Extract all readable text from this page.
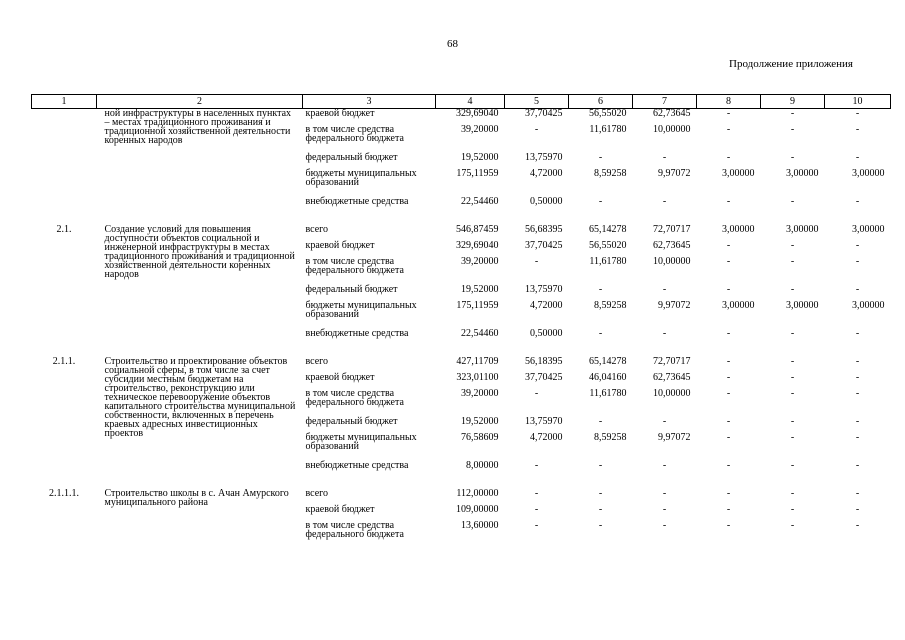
68
Продолжение приложения
1	2	3	4	5	6	7	8	9	10
	ной инфраструктуры в населенных пунктах – местах традиционного проживания и традиционной хозяйственной деятельности коренных народов	краевой бюджет	329,69040	37,70425	56,55020	62,73645	-	-	-
		в том числе средства федерального бюджета	39,20000	-	11,61780	10,00000	-	-	-
		федеральный бюджет	19,52000	13,75970	-	-	-	-	-
		бюджеты муниципальных образований	175,11959	4,72000	8,59258	9,97072	3,00000	3,00000	3,00000
		внебюджетные средства	22,54460	0,50000	-	-	-	-	-
2.1.	Создание условий для повышения доступности объектов социальной и инженерной инфраструктуры в местах традиционного проживания и традиционной хозяйственной деятельности коренных народов	всего	546,87459	56,68395	65,14278	72,70717	3,00000	3,00000	3,00000
		краевой бюджет	329,69040	37,70425	56,55020	62,73645	-	-	-
		в том числе средства федерального бюджета	39,20000	-	11,61780	10,00000	-	-	-
		федеральный бюджет	19,52000	13,75970	-	-	-	-	-
		бюджеты муниципальных образований	175,11959	4,72000	8,59258	9,97072	3,00000	3,00000	3,00000
		внебюджетные средства	22,54460	0,50000	-	-	-	-	-
2.1.1.	Строительство и проектирование объектов социальной сферы, в том числе за счет субсидии местным бюджетам на строительство, реконструкцию или техническое перевооружение объектов капитального строительства муниципальной собственности, включенных в перечень краевых адресных инвестиционных проектов	всего	427,11709	56,18395	65,14278	72,70717	-	-	-
		краевой бюджет	323,01100	37,70425	46,04160	62,73645	-	-	-
		в том числе средства федерального бюджета	39,20000	-	11,61780	10,00000	-	-	-
		федеральный бюджет	19,52000	13,75970	-	-	-	-	-
		бюджеты муниципальных образований	76,58609	4,72000	8,59258	9,97072	-	-	-
		внебюджетные средства	8,00000	-	-	-	-	-	-
2.1.1.1.	Строительство школы в с. Ачан Амурского муниципального района	всего	112,00000	-	-	-	-	-	-
		краевой бюджет	109,00000	-	-	-	-	-	-
		в том числе средства федерального бюджета	13,60000	-	-	-	-	-	-
